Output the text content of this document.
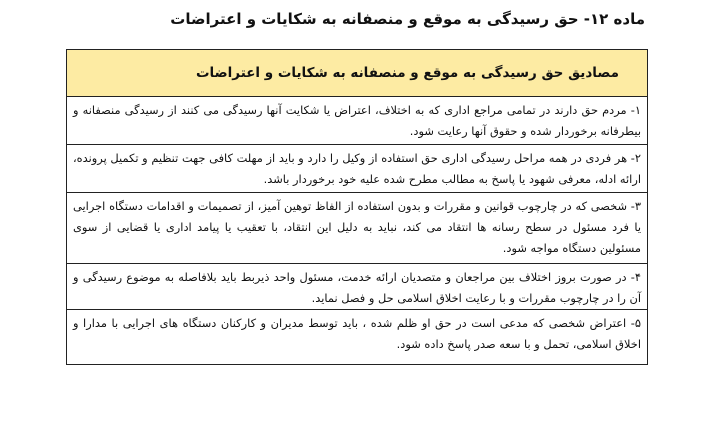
ماده ۱۲- حق رسیدگی به موقع و منصفانه به شکایات و اعتراضات
مصادیق حق رسیدگی به موقع و منصفانه به شکایات و اعتراضات
۱- مردم حق دارند در تمامی مراجع اداری که به اختلاف، اعتراض یا شکایت آنها رسیدگی می کنند از رسیدگی منصفانه و بیطرفانه برخوردار شده و حقوق آنها رعایت شود.
۲- هر فردی در همه مراحل رسیدگی اداری حق استفاده از وکیل را دارد و باید از مهلت کافی جهت تنظیم و تکمیل پرونده، ارائه ادله، معرفی شهود یا پاسخ به مطالب مطرح شده علیه خود برخوردار باشد.
۳- شخصی که در چارچوب قوانین و مقررات و بدون استفاده از الفاظ توهین آمیز، از تصمیمات و اقدامات دستگاه اجرایی یا فرد مسئول در سطح رسانه ها انتقاد می کند، نباید به دلیل این انتقاد، با تعقیب یا پیامد اداری یا قضایی از سوی مسئولین دستگاه مواجه شود.
۴- در صورت بروز اختلاف بین مراجعان و متصدیان ارائه خدمت، مسئول واحد ذیربط باید بلافاصله به موضوع رسیدگی و آن را در چارچوب مقررات و با رعایت اخلاق اسلامی حل و فصل نماید.
۵- اعتراض شخصی که مدعی است در حق او ظلم شده ، باید توسط مدیران و کارکنان دستگاه های اجرایی با مدارا و اخلاق اسلامی، تحمل و با سعه صدر پاسخ داده شود.
